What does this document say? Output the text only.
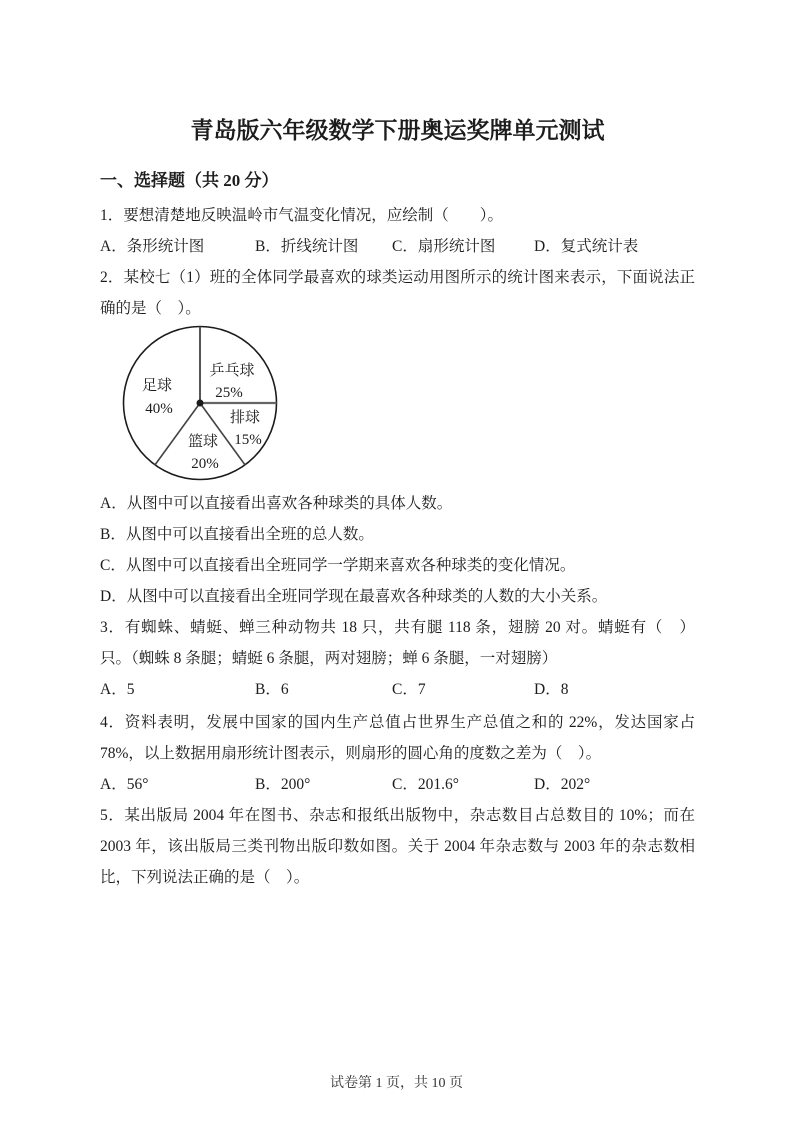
青岛版六年级数学下册奥运奖牌单元测试
一、选择题（共 20 分）

1．要想清楚地反映温岭市气温变化情况，应绘制（　　）。

A．条形统计图	B．折线统计图	C．扇形统计图	D．复式统计表

2．某校七（1）班的全体同学最喜欢的球类运动用图所示的统计图来表示，下面说法正确的是（　）。

乒乓球
25%
排球
15%
篮球
20%
足球
40%

A．从图中可以直接看出喜欢各种球类的具体人数。

B．从图中可以直接看出全班的总人数。

C．从图中可以直接看出全班同学一学期来喜欢各种球类的变化情况。

D．从图中可以直接看出全班同学现在最喜欢各种球类的人数的大小关系。

3．有蜘蛛、蜻蜓、蝉三种动物共 18 只，共有腿 118 条，翅膀 20 对。蜻蜓有（　）只。（蜘蛛 8 条腿；蜻蜓 6 条腿，两对翅膀；蝉 6 条腿，一对翅膀）

A．5	B．6	C．7	D．8

4．资料表明，发展中国家的国内生产总值占世界生产总值之和的 22%，发达国家占 78%，以上数据用扇形统计图表示，则扇形的圆心角的度数之差为（　）。

A．56°	B．200°	C．201.6°	D．202°

5．某出版局 2004 年在图书、杂志和报纸出版物中，杂志数目占总数目的 10%；而在 2003 年，该出版局三类刊物出版印数如图。关于 2004 年杂志数与 2003 年的杂志数相比，下列说法正确的是（　）。

试卷第 1 页，共 10 页
